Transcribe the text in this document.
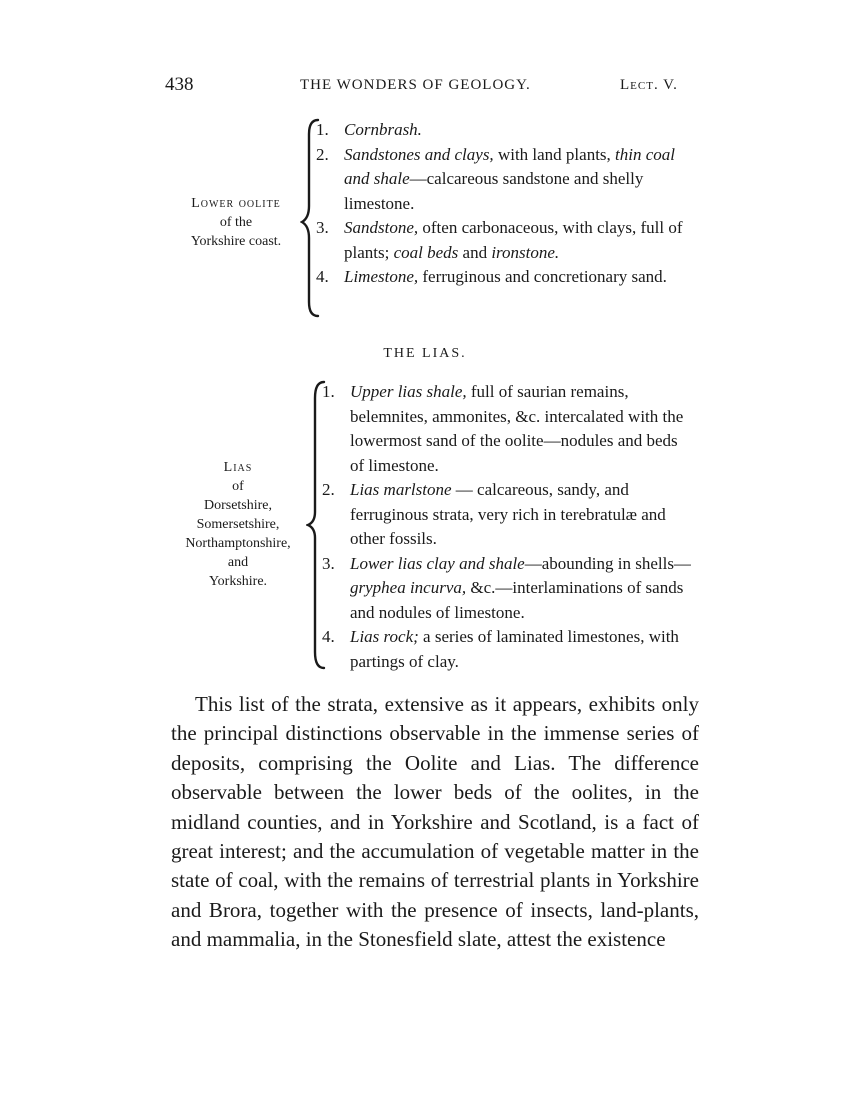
438	THE WONDERS OF GEOLOGY.	Lect. V.
Lower oolite
of the
Yorkshire coast.
1. Cornbrash.
2. Sandstones and clays, with land plants, thin coal and shale—calcareous sandstone and shelly limestone.
3. Sandstone, often carbonaceous, with clays, full of plants; coal beds and ironstone.
4. Limestone, ferruginous and concretionary sand.
THE LIAS.
Lias
of
Dorsetshire,
Somersetshire,
Northamptonshire,
and
Yorkshire.
1. Upper lias shale, full of saurian remains, belemnites, ammonites, &c. intercalated with the lowermost sand of the oolite—nodules and beds of limestone.
2. Lias marlstone — calcareous, sandy, and ferruginous strata, very rich in terebratulæ and other fossils.
3. Lower lias clay and shale—abounding in shells—gryphea incurva, &c.—interlaminations of sands and nodules of limestone.
4. Lias rock; a series of laminated limestones, with partings of clay.

This list of the strata, extensive as it appears, exhibits only the principal distinctions observable in the immense series of deposits, comprising the Oolite and Lias. The difference observable between the lower beds of the oolites, in the midland counties, and in Yorkshire and Scotland, is a fact of great interest; and the accumulation of vegetable matter in the state of coal, with the remains of terrestrial plants in Yorkshire and Brora, together with the presence of insects, land-plants, and mammalia, in the Stonesfield slate, attest the existence
